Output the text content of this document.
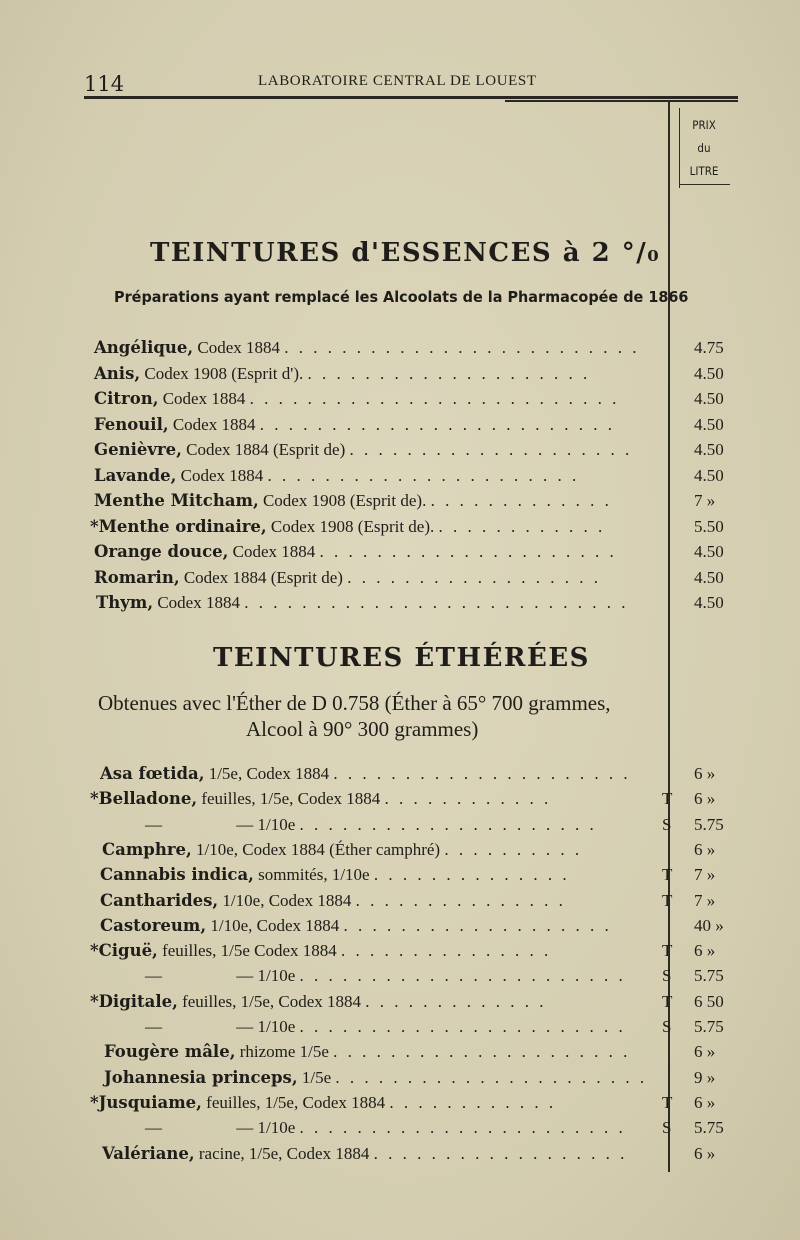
114	LABORATOIRE CENTRAL DE LOUEST
PRIX
du
LITRE
TEINTURES d'ESSENCES à 2 °/₀
Préparations ayant remplacé les Alcoolats de la Pharmacopée de 1866
Angélique, Codex 1884 . . . . . . . . . . . . . . . . . . . . . . . . .	4.75
Anis, Codex 1908 (Esprit d'). . . . . . . . . . . . . . . . . . . . .	4.50
Citron, Codex 1884 . . . . . . . . . . . . . . . . . . . . . . . . . .	4.50
Fenouil, Codex 1884 . . . . . . . . . . . . . . . . . . . . . . . . .	4.50
Genièvre, Codex 1884 (Esprit de) . . . . . . . . . . . . . . . . . . . .	4.50
Lavande, Codex 1884 . . . . . . . . . . . . . . . . . . . . . .	4.50
Menthe Mitcham, Codex 1908 (Esprit de). . . . . . . . . . . . . .	7 »
*Menthe ordinaire, Codex 1908 (Esprit de). . . . . . . . . . . . .	5.50
Orange douce, Codex 1884 . . . . . . . . . . . . . . . . . . . . .	4.50
Romarin, Codex 1884 (Esprit de) . . . . . . . . . . . . . . . . . .	4.50
Thym, Codex 1884 . . . . . . . . . . . . . . . . . . . . . . . . . . .	4.50
TEINTURES ÉTHÉRÉES
Obtenues avec l'Éther de D 0.758 (Éther à 65° 700 grammes,
Alcool à 90° 300 grammes)
Asa fœtida, 1/5e, Codex 1884 . . . . . . . . . . . . . . . . . . . . .	6 »
*Belladone, feuilles, 1/5e, Codex 1884 . . . . . . . . . . . .	T 6 »
—	— 1/10e . . . . . . . . . . . . . . . . . . . . .	S 5.75
Camphre, 1/10e, Codex 1884 (Éther camphré) . . . . . . . . . .	6 »
Cannabis indica, sommités, 1/10e . . . . . . . . . . . . . .	T 7 »
Cantharides, 1/10e, Codex 1884 . . . . . . . . . . . . . . .	T 7 »
Castoreum, 1/10e, Codex 1884 . . . . . . . . . . . . . . . . . . .	40 »
*Ciguë, feuilles, 1/5e Codex 1884 . . . . . . . . . . . . . . .	T 6 »
—	— 1/10e . . . . . . . . . . . . . . . . . . . . . . . S 5.75
*Digitale, feuilles, 1/5e, Codex 1884 . . . . . . . . . . . . .	T 6 50
—	— 1/10e . . . . . . . . . . . . . . . . . . . . . . . S 5.75
Fougère mâle, rhizome 1/5e . . . . . . . . . . . . . . . . . . . . .	6 »
Johannesia princeps, 1/5e . . . . . . . . . . . . . . . . . . . . . .	9 »
*Jusquiame, feuilles, 1/5e, Codex 1884 . . . . . . . . . . . .	T 6 »
—	— 1/10e . . . . . . . . . . . . . . . . . . . . . . . S 5.75
Valériane, racine, 1/5e, Codex 1884 . . . . . . . . . . . . . . . . . .	6 »
